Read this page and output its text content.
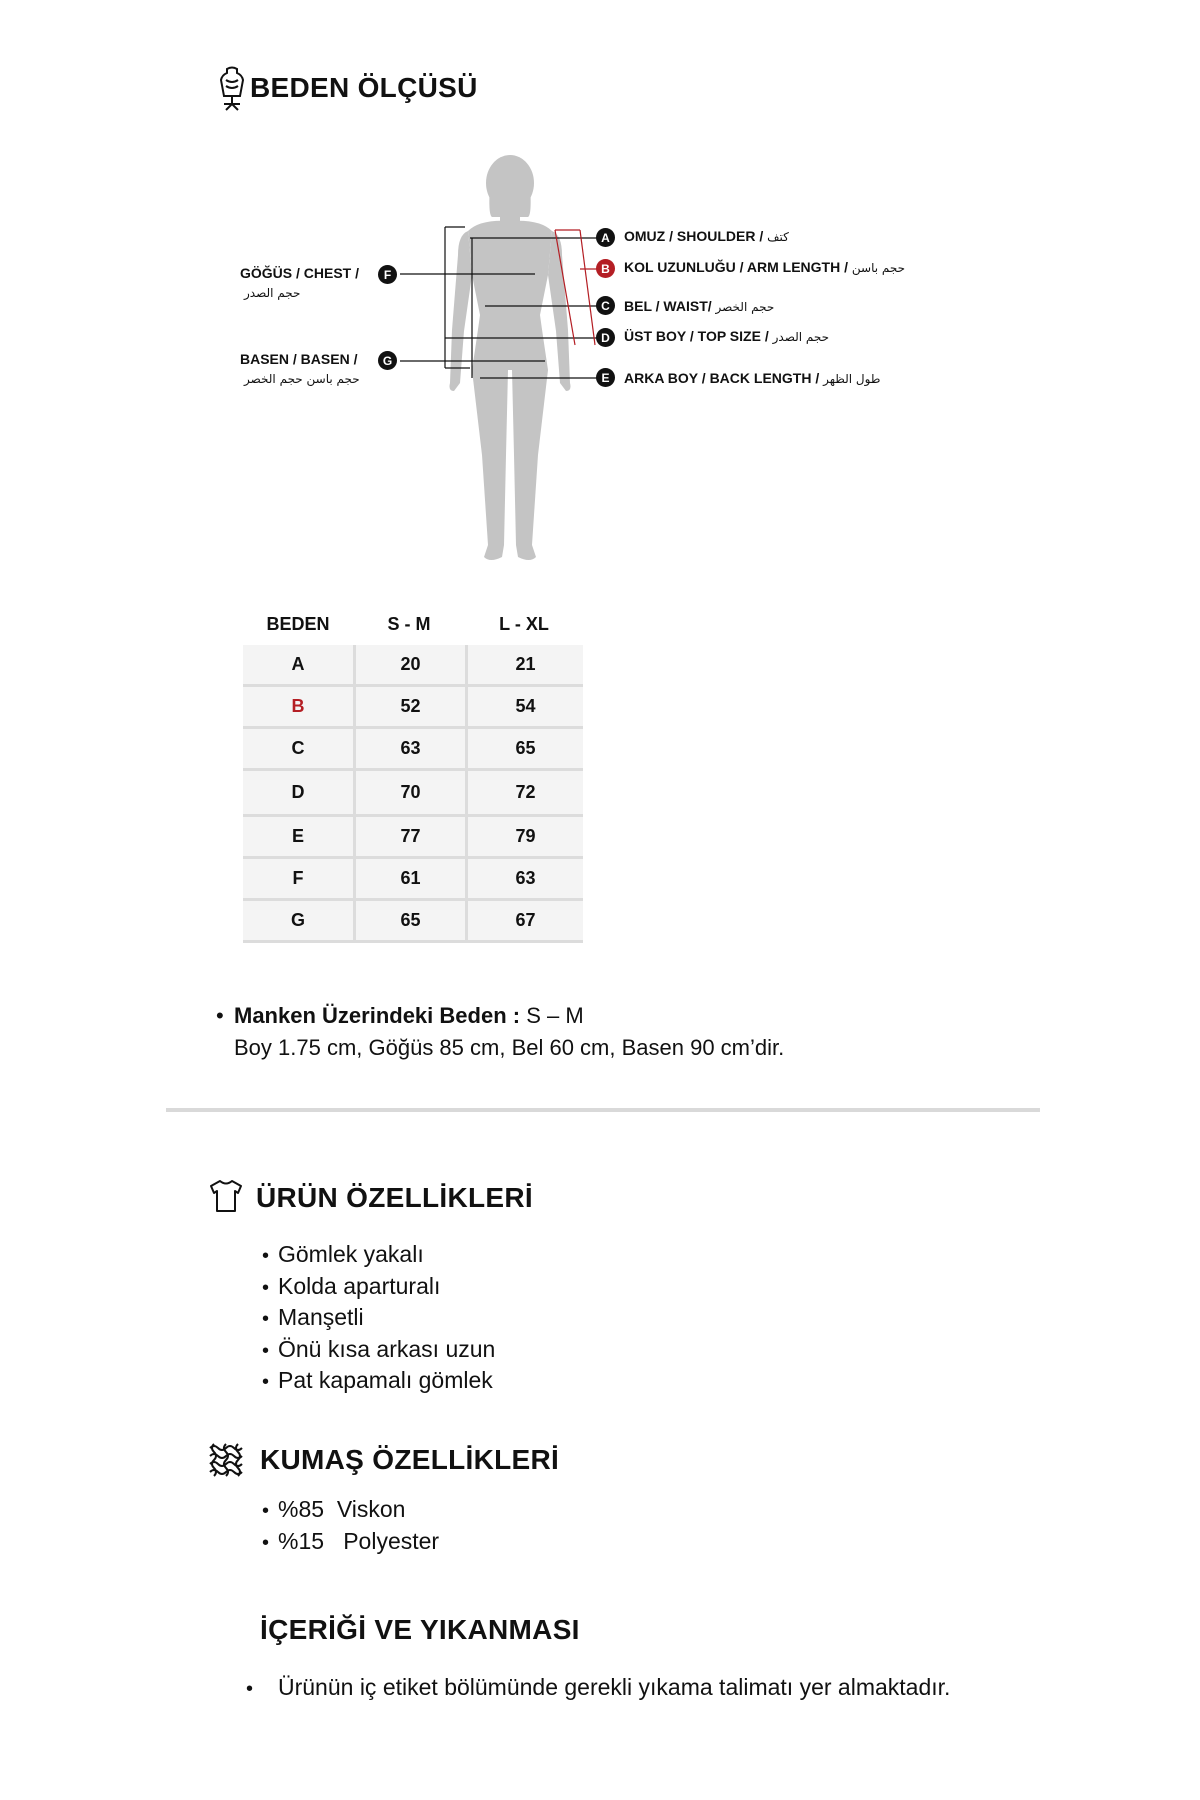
BEDEN ÖLÇÜSÜ
A	OMUZ / SHOULDER / كتف
B	KOL UZUNLUĞU / ARM LENGTH / حجم باسن
C	BEL / WAIST/ حجم الخصر
D	ÜST BOY / TOP SIZE / حجم الصدر
E	ARKA BOY / BACK LENGTH / طول الظهر
GÖĞÜS / CHEST /
حجم الصدر
F
BASEN / BASEN /
حجم باسن حجم الخصر
G
BEDEN	S - M	L - XL
A	20	21
B	52	54
C	63	65
D	70	72
E	77	79
F	61	63
G	65	67
• Manken Üzerindeki Beden : S – M
Boy 1.75 cm, Göğüs 85 cm, Bel 60 cm, Basen 90 cm’dir.
ÜRÜN ÖZELLİKLERİ
• Gömlek yakalı
• Kolda aparturalı
• Manşetli
• Önü kısa arkası uzun
• Pat kapamalı gömlek
KUMAŞ ÖZELLİKLERİ
• %85  Viskon
• %15   Polyester
İÇERİĞİ VE YIKANMASI
• Ürünün iç etiket bölümünde gerekli yıkama talimatı yer almaktadır.
